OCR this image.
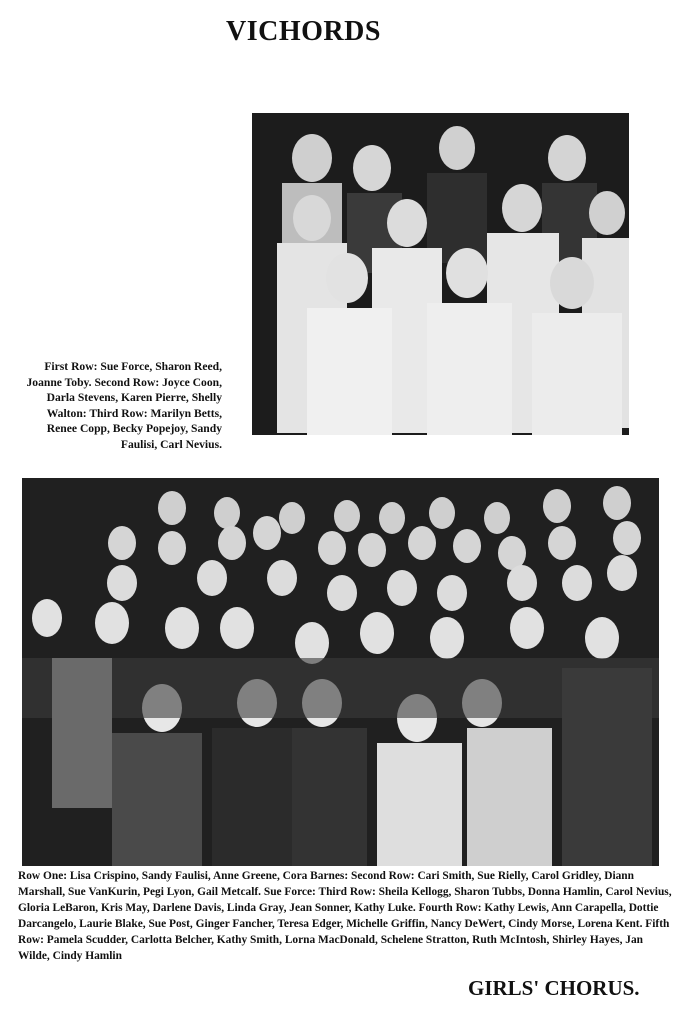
VICHORDS
First Row: Sue Force, Sharon Reed, Joanne Toby. Second Row: Joyce Coon, Darla Stevens, Karen Pierre, Shelly Walton: Third Row: Marilyn Betts, Renee Copp, Becky Popejoy, Sandy Faulisi, Carl Nevius.
Row One: Lisa Crispino, Sandy Faulisi, Anne Greene, Cora Barnes: Second Row: Cari Smith, Sue Rielly, Carol Gridley, Diann Marshall, Sue VanKurin, Pegi Lyon, Gail Metcalf. Sue Force: Third Row: Sheila Kellogg, Sharon Tubbs, Donna Hamlin, Carol Nevius, Gloria LeBaron, Kris May, Darlene Davis, Linda Gray, Jean Sonner, Kathy Luke. Fourth Row: Kathy Lewis, Ann Carapella, Dottie Darcangelo, Laurie Blake, Sue Post, Ginger Fancher, Teresa Edger, Michelle Griffin, Nancy DeWert, Cindy Morse, Lorena Kent. Fifth Row: Pamela Scudder, Carlotta Belcher, Kathy Smith, Lorna MacDonald, Schelene Stratton, Ruth McIntosh, Shirley Hayes, Jan Wilde, Cindy Hamlin
GIRLS' CHORUS.
